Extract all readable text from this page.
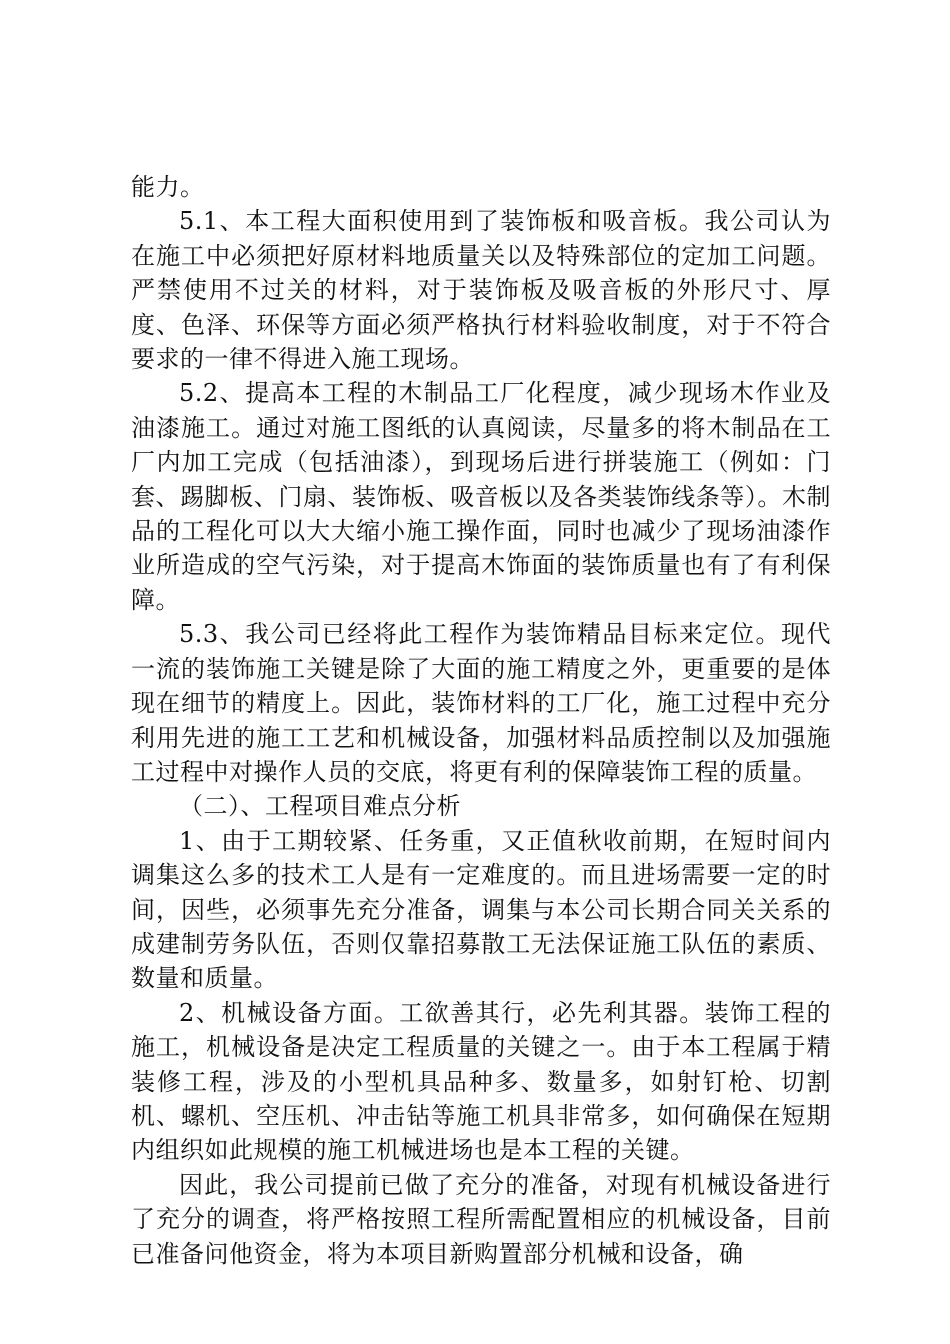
能力。

5.1、本工程大面积使用到了装饰板和吸音板。我公司认为在施工中必须把好原材料地质量关以及特殊部位的定加工问题。严禁使用不过关的材料，对于装饰板及吸音板的外形尺寸、厚度、色泽、环保等方面必须严格执行材料验收制度，对于不符合要求的一律不得进入施工现场。

5.2、提高本工程的木制品工厂化程度，减少现场木作业及油漆施工。通过对施工图纸的认真阅读，尽量多的将木制品在工厂内加工完成（包括油漆），到现场后进行拼装施工（例如：门套、踢脚板、门扇、装饰板、吸音板以及各类装饰线条等）。木制品的工程化可以大大缩小施工操作面，同时也减少了现场油漆作业所造成的空气污染，对于提高木饰面的装饰质量也有了有利保障。

5.3、我公司已经将此工程作为装饰精品目标来定位。现代一流的装饰施工关键是除了大面的施工精度之外，更重要的是体现在细节的精度上。因此，装饰材料的工厂化，施工过程中充分利用先进的施工工艺和机械设备，加强材料品质控制以及加强施工过程中对操作人员的交底，将更有利的保障装饰工程的质量。

（二）、工程项目难点分析

1、由于工期较紧、任务重，又正值秋收前期，在短时间内调集这么多的技术工人是有一定难度的。而且进场需要一定的时间，因些，必须事先充分准备，调集与本公司长期合同关关系的成建制劳务队伍，否则仅靠招募散工无法保证施工队伍的素质、数量和质量。

2、机械设备方面。工欲善其行，必先利其器。装饰工程的施工，机械设备是决定工程质量的关键之一。由于本工程属于精装修工程，涉及的小型机具品种多、数量多，如射钉枪、切割机、螺机、空压机、冲击钻等施工机具非常多，如何确保在短期内组织如此规模的施工机械进场也是本工程的关键。

因此，我公司提前已做了充分的准备，对现有机械设备进行了充分的调查，将严格按照工程所需配置相应的机械设备，目前已准备问他资金，将为本项目新购置部分机械和设备，确
